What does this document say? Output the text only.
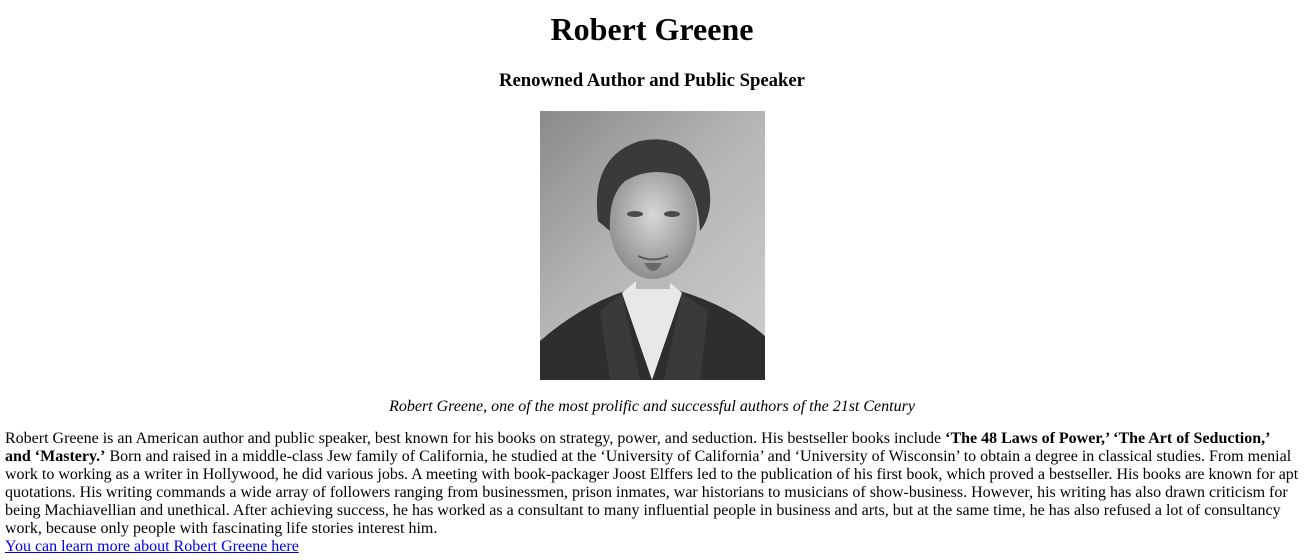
Robert Greene
Renowned Author and Public Speaker

Robert Greene, one of the most prolific and successful authors of the 21st Century

Robert Greene is an American author and public speaker, best known for his books on strategy, power, and seduction. His bestseller books include ‘The 48 Laws of Power,’ ‘The Art of Seduction,’ and ‘Mastery.’ Born and raised in a middle-class Jew family of California, he studied at the ‘University of California’ and ‘University of Wisconsin’ to obtain a degree in classical studies. From menial work to working as a writer in Hollywood, he did various jobs. A meeting with book-packager Joost Elffers led to the publication of his first book, which proved a bestseller. His books are known for apt quotations. His writing commands a wide array of followers ranging from businessmen, prison inmates, war historians to musicians of show-business. However, his writing has also drawn criticism for being Machiavellian and unethical. After achieving success, he has worked as a consultant to many influential people in business and arts, but at the same time, he has also refused a lot of consultancy work, because only people with fascinating life stories interest him.

You can learn more about Robert Greene here
